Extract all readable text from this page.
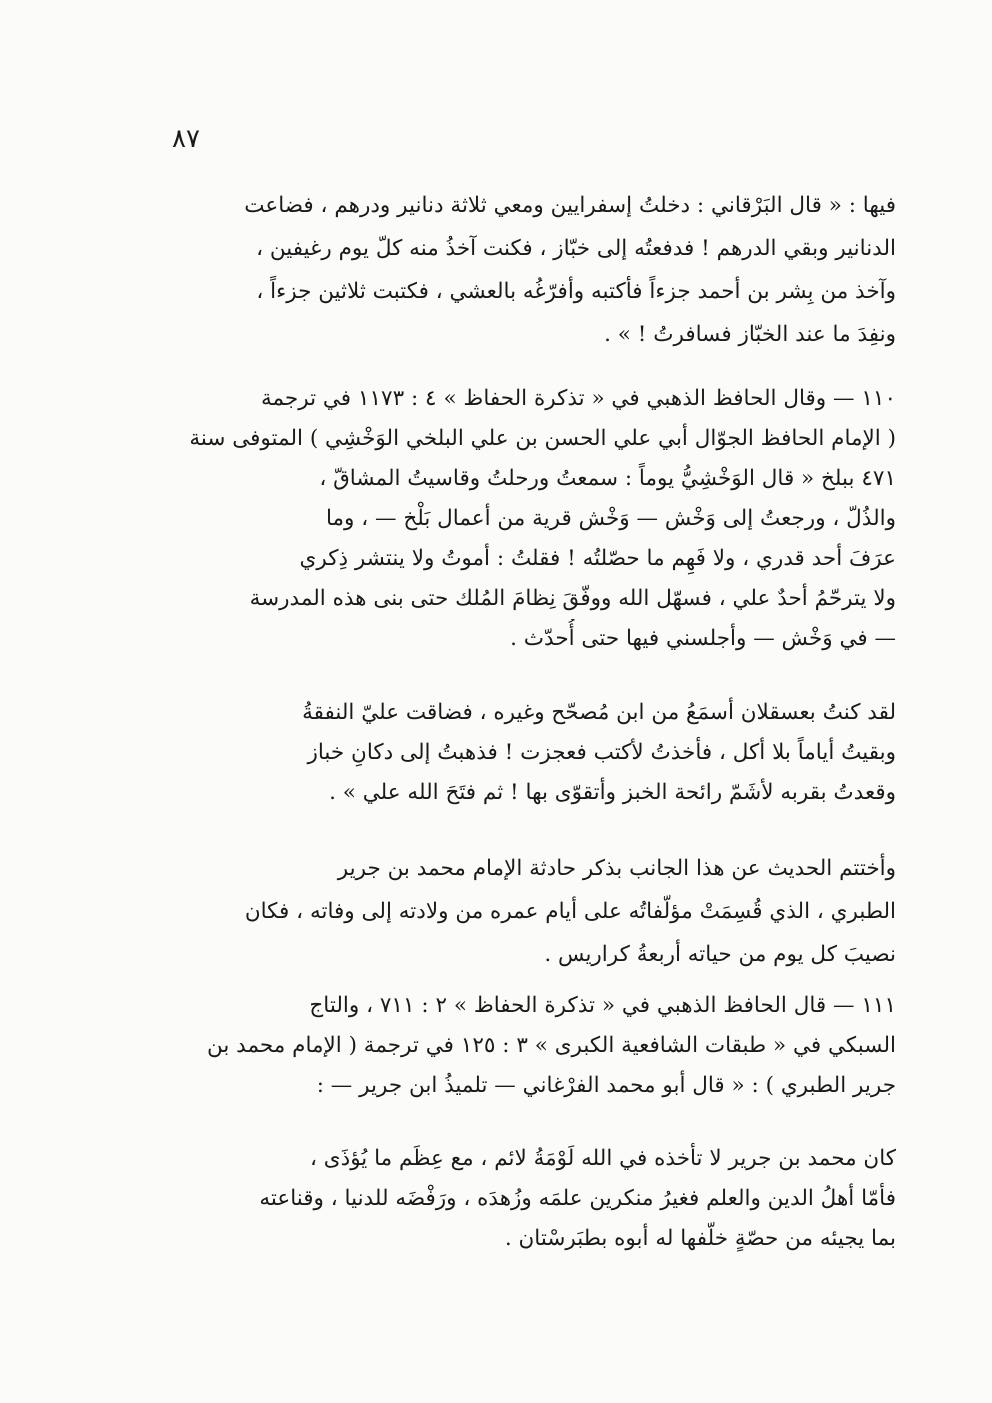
٨٧
فيها : « قال البَرْقاني : دخلتُ إسفرايين ومعي ثلاثة دنانير ودرهم ، فضاعت
الدنانير وبقي الدرهم ! فدفعتُه إلى خبّاز ، فكنت آخذُ منه كلّ يوم رغيفين ،
وآخذ من بِشر بن أحمد جزءاً فأكتبه وأفرّغُه بالعشي ، فكتبت ثلاثين جزءاً ،
ونفِدَ ما عند الخبّاز فسافرتُ ! » .
١١٠ — وقال الحافظ الذهبي في « تذكرة الحفاظ » ٤ : ١١٧٣ في ترجمة
( الإمام الحافظ الجوّال أبي علي الحسن بن علي البلخي الوَخْشِي ) المتوفى سنة
٤٧١ ببلخ « قال الوَخْشِيُّ يوماً : سمعتُ ورحلتُ وقاسيتُ المشاقّ ،
والذُلّ ، ورجعتُ إلى وَخْش — وَخْش قرية من أعمال بَلْخ — ، وما
عرَفَ أحد قدري ، ولا فَهِم ما حصّلتُه ! فقلتُ : أموتُ ولا ينتشر ذِكري
ولا يترحّمُ أحدٌ علي ، فسهّل الله ووفّقَ نِظامَ المُلك حتى بنى هذه المدرسة
— في وَخْش — وأجلسني فيها حتى أُحدّث .
لقد كنتُ بعسقلان أسمَعُ من ابن مُصحّح وغيره ، فضاقت عليّ النفقةُ
وبقيتُ أياماً بلا أكل ، فأخذتُ لأكتب فعجزت ! فذهبتُ إلى دكانِ خباز
وقعدتُ بقربه لأشَمّ رائحة الخبز وأتقوّى بها ! ثم فتَحَ الله علي » .
وأختتم الحديث عن هذا الجانب بذكر حادثة الإمام محمد بن جرير
الطبري ، الذي قُسِمَتْ مؤلّفاتُه على أيام عمره من ولادته إلى وفاته ، فكان
نصيبَ كل يوم من حياته أربعةُ كراريس .
١١١ — قال الحافظ الذهبي في « تذكرة الحفاظ » ٢ : ٧١١ ، والتاج
السبكي في « طبقات الشافعية الكبرى » ٣ : ١٢٥ في ترجمة ( الإمام محمد بن
جرير الطبري ) : « قال أبو محمد الفرْغاني — تلميذُ ابن جرير — :
كان محمد بن جرير لا تأخذه في الله لَوْمَةُ لائم ، مع عِظَم ما يُؤذَى ،
فأمّا أهلُ الدين والعلم فغيرُ منكرين علمَه وزُهدَه ، ورَفْضَه للدنيا ، وقناعته
بما يجيئه من حصّةٍ خلّفها له أبوه بطبَرسْتان .
